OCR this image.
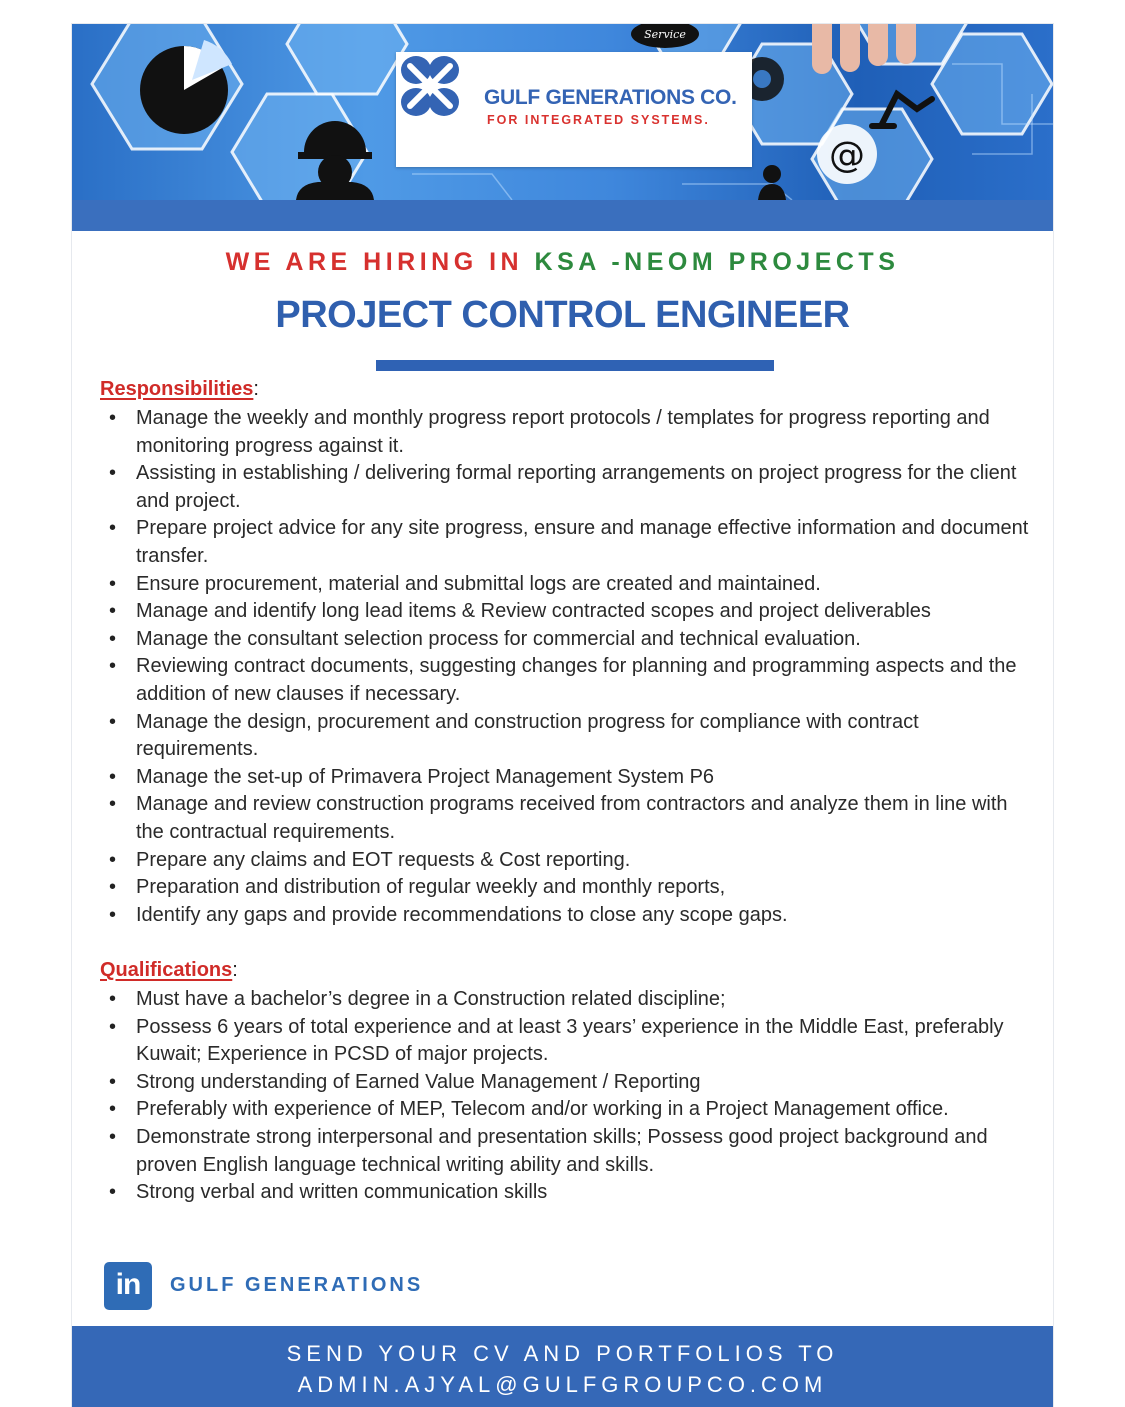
@
Service
GULF GENERATIONS CO.
FOR INTEGRATED SYSTEMS.
WE ARE HIRING IN KSA -NEOM PROJECTS
PROJECT CONTROL ENGINEER
Responsibilities:
• Manage the weekly and monthly progress report protocols / templates for progress reporting and monitoring progress against it.
• Assisting in establishing / delivering formal reporting arrangements on project progress for the client and project.
• Prepare project advice for any site progress, ensure and manage effective information and document transfer.
• Ensure procurement, material and submittal logs are created and maintained.
• Manage and identify long lead items & Review contracted scopes and project deliverables
• Manage the consultant selection process for commercial and technical evaluation.
• Reviewing contract documents, suggesting changes for planning and programming aspects and the addition of new clauses if necessary.
• Manage the design, procurement and construction progress for compliance with contract requirements.
• Manage the set-up of Primavera Project Management System P6
• Manage and review construction programs received from contractors and analyze them in line with the contractual requirements.
• Prepare any claims and EOT requests & Cost reporting.
• Preparation and distribution of regular weekly and monthly reports,
• Identify any gaps and provide recommendations to close any scope gaps.
Qualifications:
• Must have a bachelor’s degree in a Construction related discipline;
• Possess 6 years of total experience and at least 3 years’ experience in the Middle East, preferably Kuwait; Experience in PCSD of major projects.
• Strong understanding of Earned Value Management / Reporting
• Preferably with experience of MEP, Telecom and/or working in a Project Management office.
• Demonstrate strong interpersonal and presentation skills; Possess good project background and proven English language technical writing ability and skills.
• Strong verbal and written communication skills
in	GULF GENERATIONS
SEND YOUR CV AND PORTFOLIOS TO
ADMIN.AJYAL@GULFGROUPCO.COM
